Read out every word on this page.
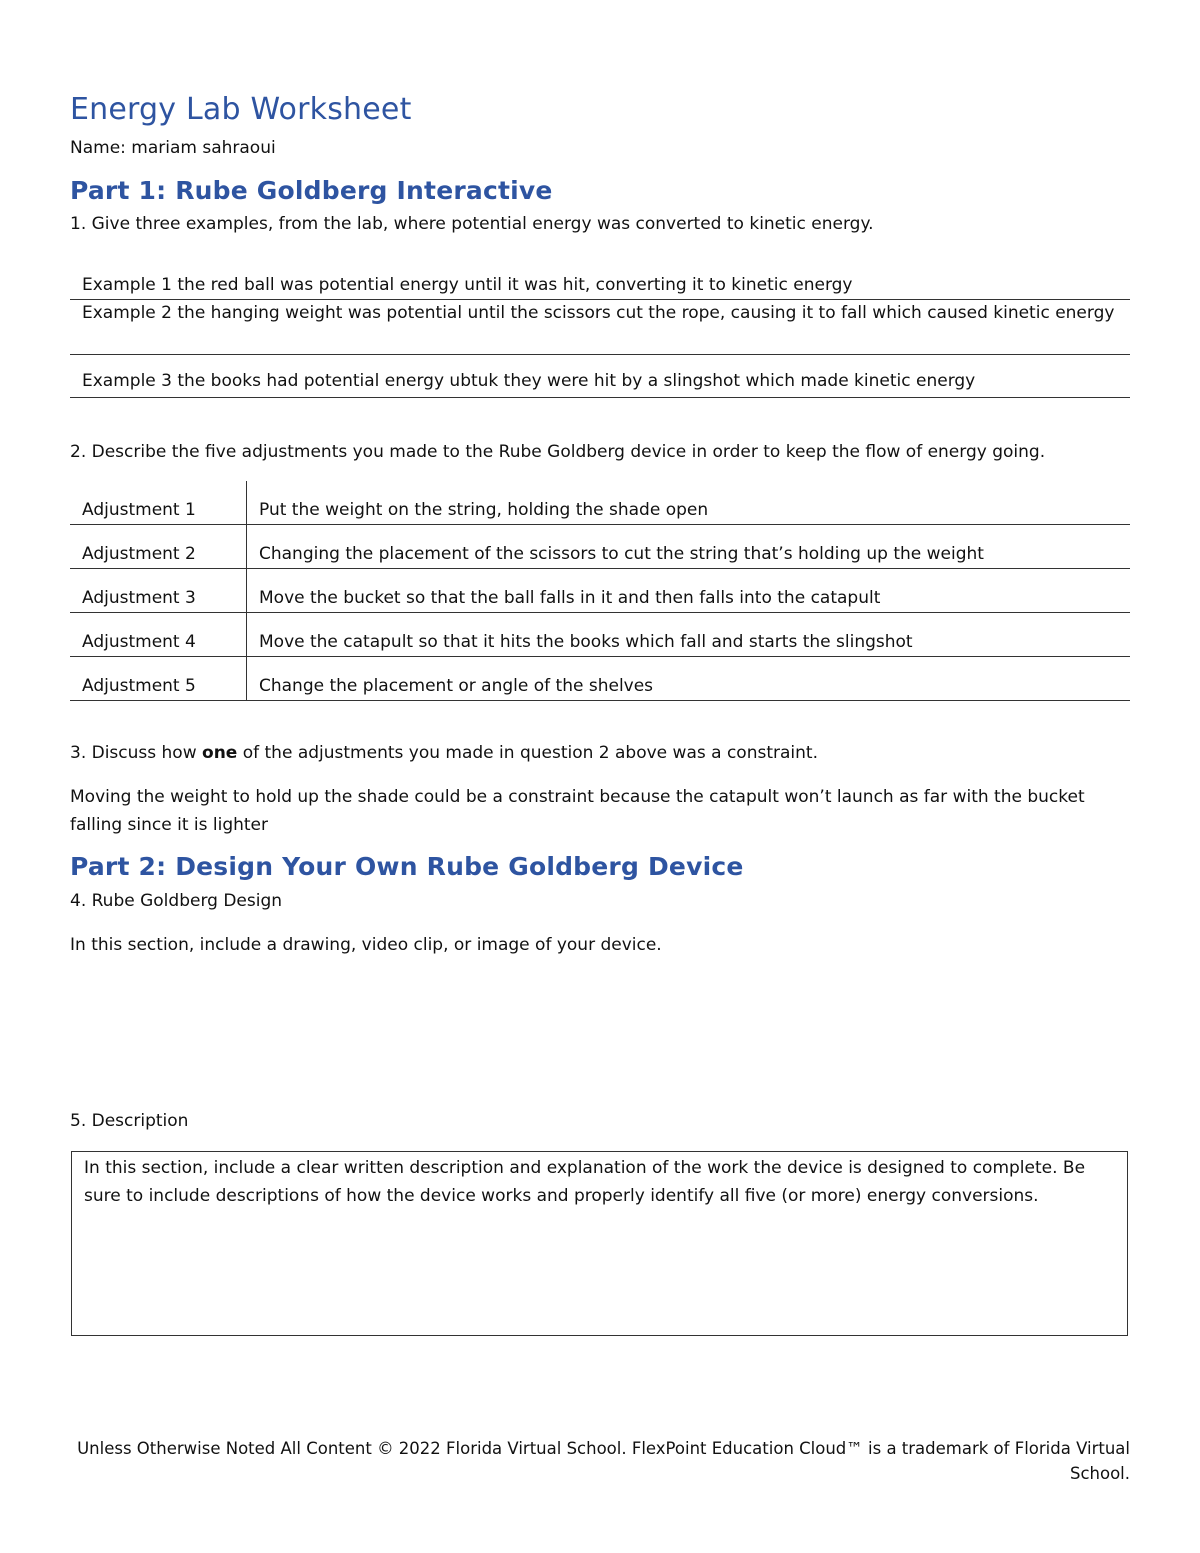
Energy Lab Worksheet

Name: mariam sahraoui

Part 1: Rube Goldberg Interactive

1. Give three examples, from the lab, where potential energy was converted to kinetic energy.

Example 1 the red ball was potential energy until it was hit, converting it to kinetic energy
Example 2 the hanging weight was potential until the scissors cut the rope, causing it to fall which caused kinetic energy

Example 3 the books had potential energy ubtuk they were hit by a slingshot which made kinetic energy

2. Describe the five adjustments you made to the Rube Goldberg device in order to keep the flow of energy going.

Adjustment 1	Put the weight on the string, holding the shade open
Adjustment 2	Changing the placement of the scissors to cut the string that’s holding up the weight
Adjustment 3	Move the bucket so that the ball falls in it and then falls into the catapult
Adjustment 4	Move the catapult so that it hits the books which fall and starts the slingshot
Adjustment 5	Change the placement or angle of the shelves

3. Discuss how one of the adjustments you made in question 2 above was a constraint.

Moving the weight to hold up the shade could be a constraint because the catapult won’t launch as far with the bucket falling since it is lighter

Part 2: Design Your Own Rube Goldberg Device

4. Rube Goldberg Design

In this section, include a drawing, video clip, or image of your device.

5. Description

In this section, include a clear written description and explanation of the work the device is designed to complete. Be sure to include descriptions of how the device works and properly identify all five (or more) energy conversions.

Unless Otherwise Noted All Content © 2022 Florida Virtual School. FlexPoint Education Cloud™ is a trademark of Florida Virtual School.
